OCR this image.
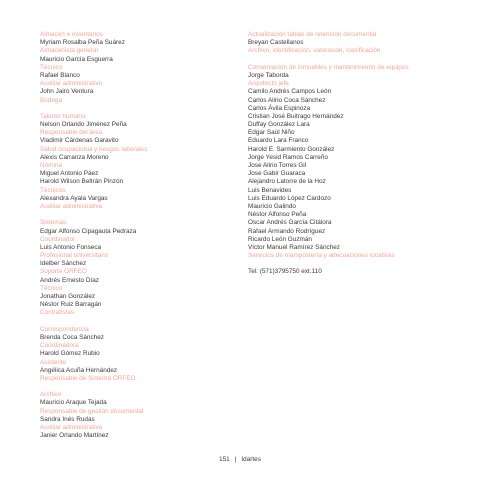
Almacén e inventarios
Myriam Rosalba Peña Suárez
Almacenista general
Mauricio García Esguerra
Técnico
Rafael Blanco
Auxiliar administrativo
John Jairo Ventura
Bodega
Talento humano
Nelson Orlando Jiménez Peña
Responsable del área
Vladimir Cárdenas Garavito
Salud ocupacional y riesgos laborales
Alexis Carranza Moreno
Nómina
Miguel Antonio Páez
Harold Wilson Beltrán Pinzón
Técnicos
Alexandra Ayala Vargas
Auxiliar administrativa
Sistemas
Edgar Alfonso Cipagauta Pedraza
Coordinador
Luis Antonio Fonseca
Profesional universitario
Idelber Sánchez
Soporte ORFEO
Andrés Ernesto Díaz
Técnico
Jonathan González
Néstor Ruiz Barragán
Contratistas
Correspondencia
Brenda Coca Sánchez
Coordinadora
Harold Gómez Rubio
Asistente
Angélica Acuña Hernández
Responsable de Sistema ORFEO
Archivo
Mauricio Araque Tejada
Responsable de gestión documental
Sandra Inés Rudas
Auxiliar administrativa
Janier Orlando Martínez
Actualización tablas de retención documental
Breyan Castellanos
Archivo, identificación, valoración, clasificación
Conservación de inmuebles y mantenimiento de equipos
Jorge Taborda
Arquitecto jefe
Camilo Andrés Campos León
Carlos Alirio Coca Sánchez
Carlos Ávila Espinoza
Cristian José Buitrago Hernández
Duffay González Lara
Edgar Saúl Niño
Eduardo Lara Franco
Harold E. Sarmiento González
Jorge Yesid Ramos Carreño
Jose Alirio Torres Gil
Jose Gabir Guaraca
Alejandro Latorre de la Hoz
Luis Benavides
Luis Eduardo López Cardozo
Mauricio Galindo
Néstor Alfonso Peña
Oscar Andrés García Citálora
Rafael Armando Rodríguez
Ricardo León Guzmán
Víctor Manuel Ramírez Sánchez
Servicios de mampostería y adecuaciones locativas
Tel. (571)3795750 ext.110
151 | Idartes
